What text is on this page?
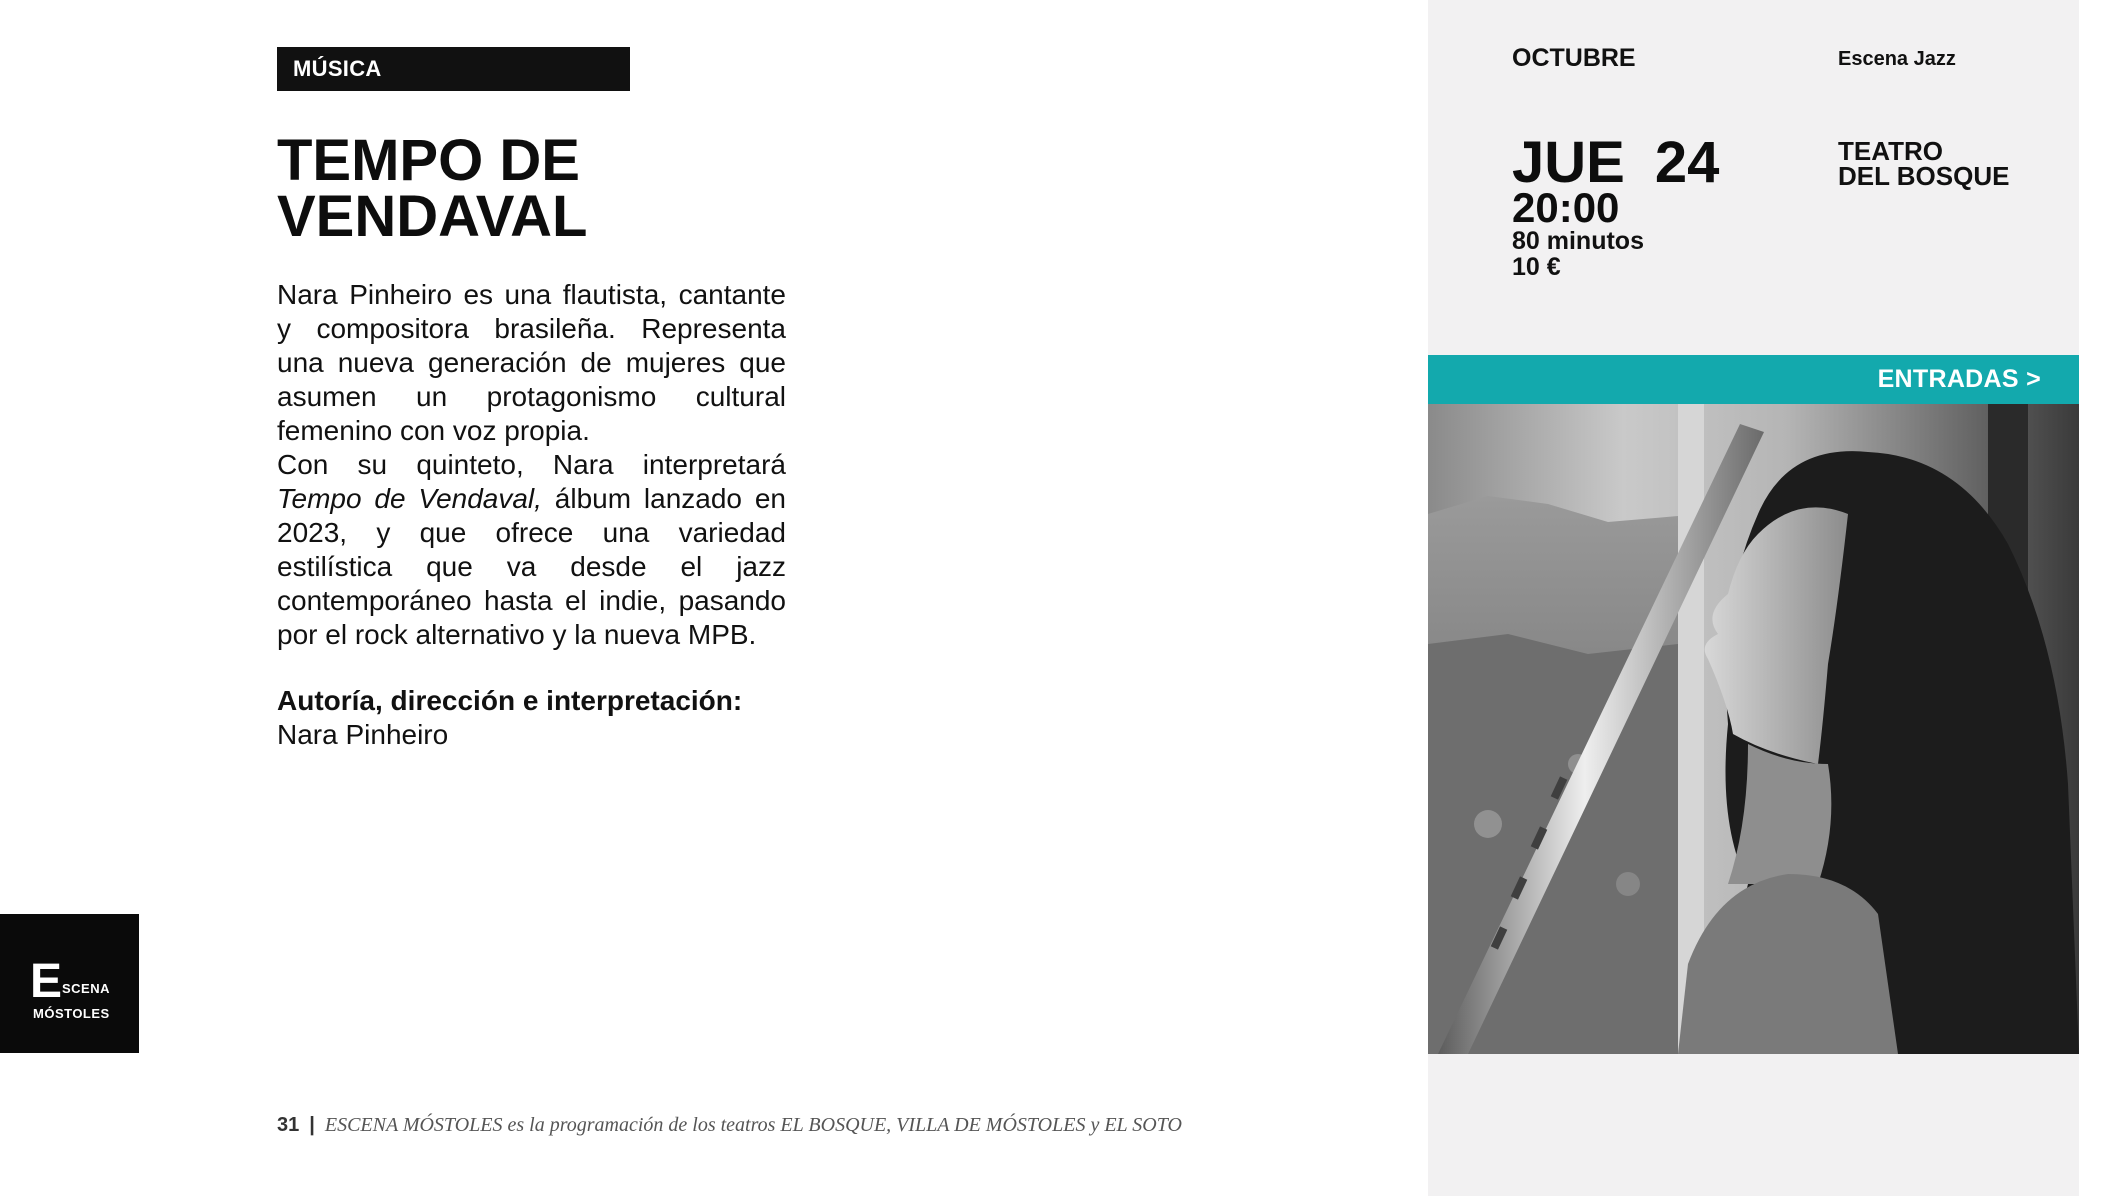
MÚSICA
TEMPO DE
VENDAVAL

Nara Pinheiro es una flautista, cantante y compositora brasileña. Representa una nueva generación de mujeres que asumen un protagonismo cultural femenino con voz propia.

Con su quinteto, Nara interpretará Tempo de Vendaval, álbum lanzado en 2023, y que ofrece una variedad estilística que va desde el jazz contemporáneo hasta el indie, pasando por el rock alternativo y la nueva MPB.

Autoría, dirección e interpretación:
Nara Pinheiro
E SCENA
MÓSTOLES
31 | ESCENA MÓSTOLES es la programación de los teatros EL BOSQUE, VILLA DE MÓSTOLES y EL SOTO
OCTUBRE	Escena Jazz
JUE 24
20:00
80 minutos
10 €
TEATRO
DEL BOSQUE
ENTRADAS >
